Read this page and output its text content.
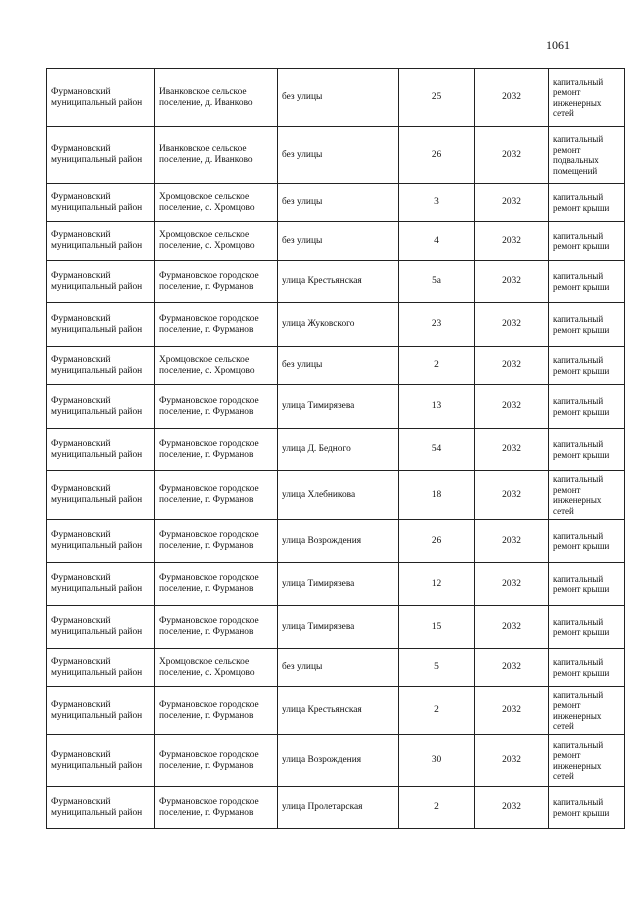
1061
Фурмановский муниципальный район	Иванковское сельское поселение, д. Иванково	без улицы	25	2032	капитальный ремонт инженерных сетей
Фурмановский муниципальный район	Иванковское сельское поселение, д. Иванково	без улицы	26	2032	капитальный ремонт подвальных помещений
Фурмановский муниципальный район	Хромцовское сельское поселение, с. Хромцово	без улицы	3	2032	капитальный ремонт крыши
Фурмановский муниципальный район	Хромцовское сельское поселение, с. Хромцово	без улицы	4	2032	капитальный ремонт крыши
Фурмановский муниципальный район	Фурмановское городское поселение, г. Фурманов	улица Крестьянская	5а	2032	капитальный ремонт крыши
Фурмановский муниципальный район	Фурмановское городское поселение, г. Фурманов	улица Жуковского	23	2032	капитальный ремонт крыши
Фурмановский муниципальный район	Хромцовское сельское поселение, с. Хромцово	без улицы	2	2032	капитальный ремонт крыши
Фурмановский муниципальный район	Фурмановское городское поселение, г. Фурманов	улица Тимирязева	13	2032	капитальный ремонт крыши
Фурмановский муниципальный район	Фурмановское городское поселение, г. Фурманов	улица Д. Бедного	54	2032	капитальный ремонт крыши
Фурмановский муниципальный район	Фурмановское городское поселение, г. Фурманов	улица Хлебникова	18	2032	капитальный ремонт инженерных сетей
Фурмановский муниципальный район	Фурмановское городское поселение, г. Фурманов	улица Возрождения	26	2032	капитальный ремонт крыши
Фурмановский муниципальный район	Фурмановское городское поселение, г. Фурманов	улица Тимирязева	12	2032	капитальный ремонт крыши
Фурмановский муниципальный район	Фурмановское городское поселение, г. Фурманов	улица Тимирязева	15	2032	капитальный ремонт крыши
Фурмановский муниципальный район	Хромцовское сельское поселение, с. Хромцово	без улицы	5	2032	капитальный ремонт крыши
Фурмановский муниципальный район	Фурмановское городское поселение, г. Фурманов	улица Крестьянская	2	2032	капитальный ремонт инженерных сетей
Фурмановский муниципальный район	Фурмановское городское поселение, г. Фурманов	улица Возрождения	30	2032	капитальный ремонт инженерных сетей
Фурмановский муниципальный район	Фурмановское городское поселение, г. Фурманов	улица Пролетарская	2	2032	капитальный ремонт крыши
